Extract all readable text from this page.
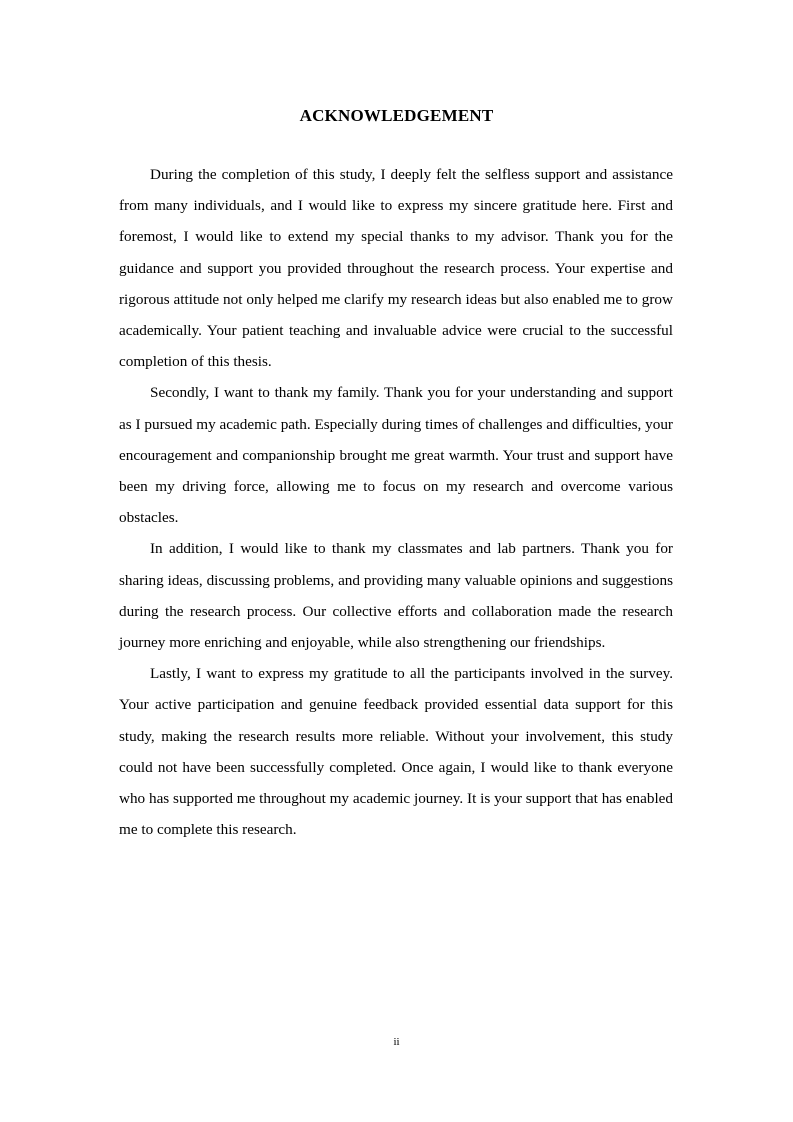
ACKNOWLEDGEMENT

During the completion of this study, I deeply felt the selfless support and assistance from many individuals, and I would like to express my sincere gratitude here. First and foremost, I would like to extend my special thanks to my advisor. Thank you for the guidance and support you provided throughout the research process. Your expertise and rigorous attitude not only helped me clarify my research ideas but also enabled me to grow academically. Your patient teaching and invaluable advice were crucial to the successful completion of this thesis.

Secondly, I want to thank my family. Thank you for your understanding and support as I pursued my academic path. Especially during times of challenges and difficulties, your encouragement and companionship brought me great warmth. Your trust and support have been my driving force, allowing me to focus on my research and overcome various obstacles.

In addition, I would like to thank my classmates and lab partners. Thank you for sharing ideas, discussing problems, and providing many valuable opinions and suggestions during the research process. Our collective efforts and collaboration made the research journey more enriching and enjoyable, while also strengthening our friendships.

Lastly, I want to express my gratitude to all the participants involved in the survey. Your active participation and genuine feedback provided essential data support for this study, making the research results more reliable. Without your involvement, this study could not have been successfully completed. Once again, I would like to thank everyone who has supported me throughout my academic journey. It is your support that has enabled me to complete this research.

ii
